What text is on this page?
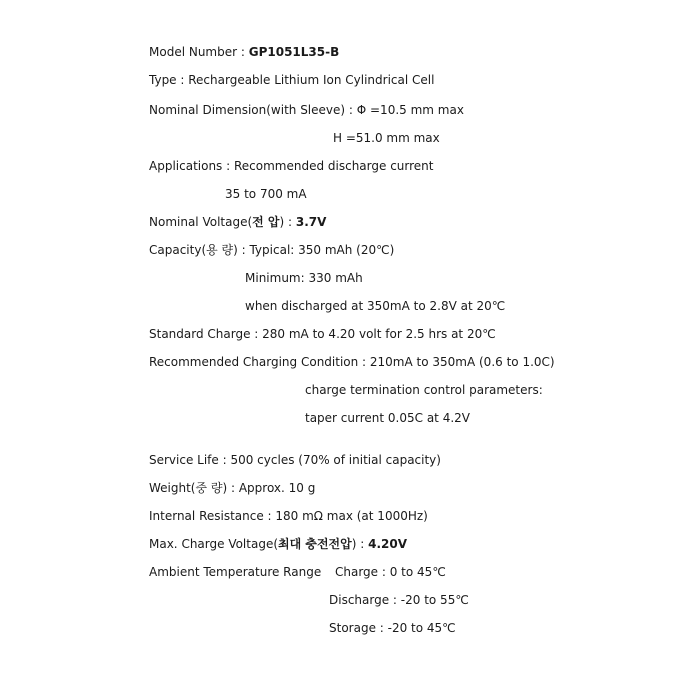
Model Number : GP1051L35-B
Type : Rechargeable Lithium Ion Cylindrical Cell
Nominal Dimension(with Sleeve) : Φ =10.5 mm max
H =51.0 mm max
Applications : Recommended discharge current
35 to 700 mA
Nominal Voltage(전 압) : 3.7V
Capacity(용 량) : Typical: 350 mAh (20℃)
Minimum: 330 mAh
when discharged at 350mA to 2.8V at 20℃
Standard Charge : 280 mA to 4.20 volt for 2.5 hrs at 20℃
Recommended Charging Condition : 210mA to 350mA (0.6 to 1.0C)
charge termination control parameters:
taper current 0.05C at 4.2V
Service Life : 500 cycles (70% of initial capacity)
Weight(중 량) : Approx. 10 g
Internal Resistance : 180 mΩ max (at 1000Hz)
Max. Charge Voltage(최대 충전전압) : 4.20V
Ambient Temperature Range Charge : 0 to 45℃
Discharge : -20 to 55℃
Storage : -20 to 45℃
